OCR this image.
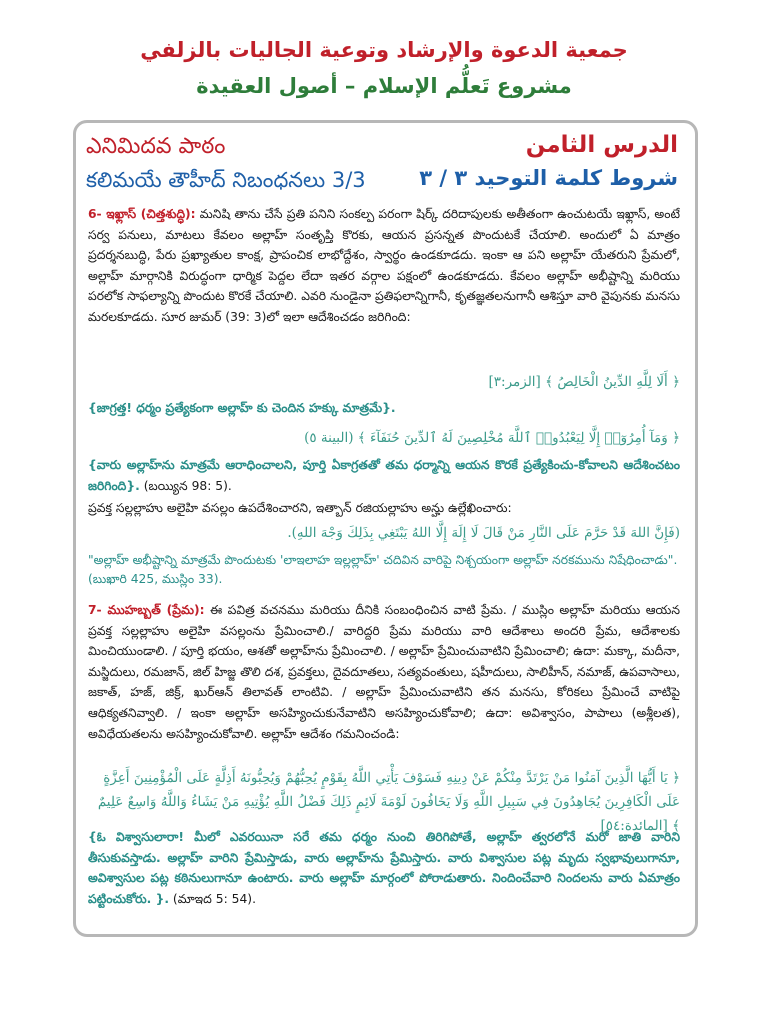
جمعية الدعوة والإرشاد وتوعية الجاليات بالزلفي
مشروع تَعلُّم الإسلام – أصول العقيدة
ఎనిమిదవ పాఠం	الدرس الثامن
కలిమయే తౌహీద్ నిబంధనలు 3/3	شروط كلمة التوحيد ٣ / ٣
6- ఇఖ్లాస్ (చిత్తశుద్ధి): మనిషి తాను చేసే ప్రతి పనిని సంకల్ప పరంగా షిర్క్ దరిదాపులకు అతీతంగా ఉంచుటయే ఇఖ్లాస్, అంటే సర్వ పనులు, మాటలు కేవలం అల్లాహ్ సంతృప్తి కొరకు, ఆయన ప్రసన్నత పొందుటకే చేయాలి. అందులో ఏ మాత్రం ప్రదర్శనబుద్ధి, పేరు ప్రఖ్యాతుల కాంక్ష, ప్రాపంచిక లాభోద్దేశం, స్వార్థం ఉండకూడదు. ఇంకా ఆ పని అల్లాహ్ యేతరుని ప్రేమలో, అల్లాహ్ మార్గానికి విరుద్ధంగా ధార్మిక పెద్దల లేదా ఇతర వర్గాల పక్షంలో ఉండకూడదు. కేవలం అల్లాహ్ అభీష్టాన్ని మరియు పరలోక సాఫల్యాన్ని పొందుట కొరకే చేయాలి. ఎవరి నుండైనా ప్రతిఫలాన్నిగానీ, కృతజ్ఞతలనుగానీ ఆశిస్తూ వారి వైపునకు మనసు మరలకూడదు. సూర జుమర్ (39: 3)లో ఇలా ఆదేశించడం జరిగింది:
﴿ أَلَا لِلَّهِ الدِّينُ الْخَالِصُ ﴾ [الزمر:٣]
{జాగ్రత్త! ధర్మం ప్రత్యేకంగా అల్లాహ్ కు చెందిన హక్కు మాత్రమే}.
﴿ وَمَآ أُمِرُوٓا۟ إِلَّا لِيَعْبُدُوا۟ ٱللَّهَ مُخْلِصِينَ لَهُ ٱلدِّينَ حُنَفَآءَ ﴾ (البينة ٥)
{వారు అల్లాహ్‌ను మాత్రమే ఆరాధించాలని, పూర్తి ఏకాగ్రతతో తమ ధర్మాన్ని ఆయన కొరకే ప్రత్యేకించు-కోవాలని ఆదేశించటం జరిగింది}. (బయ్యిన 98: 5).
ప్రవక్త సల్లల్లాహు అలైహి వసల్లం ఉపదేశించారని, ఇత్బాన్ రజియల్లాహు అన్హు ఉల్లేఖించారు:
(فَإِنَّ اللهَ قَدْ حَرَّمَ عَلَى النَّارِ مَنْ قَالَ لَا إِلَهَ إِلَّا اللهُ يَبْتَغِي بِذَلِكَ وَجْهَ اللهِ).
"అల్లాహ్ అభీష్టాన్ని మాత్రమే పొందుటకు 'లాఇలాహ ఇల్లల్లాహ్' చదివిన వారిపై నిశ్చయంగా అల్లాహ్ నరకమును నిషేధించాడు". (బుఖారి 425, ముస్లిం 33).
7- ముహబ్బత్ (ప్రేమ): ఈ పవిత్ర వచనము మరియు దీనికి సంబంధించిన వాటి ప్రేమ. / ముస్లిం అల్లాహ్ మరియు ఆయన ప్రవక్త సల్లల్లాహు అలైహి వసల్లంను ప్రేమించాలి./ వారిద్దరి ప్రేమ మరియు వారి ఆదేశాలు అందరి ప్రేమ, ఆదేశాలకు మించియుండాలి. / పూర్తి భయం, ఆశతో అల్లాహ్‌ను ప్రేమించాలి. / అల్లాహ్ ప్రేమించువాటిని ప్రేమించాలి; ఉదా: మక్కా, మదీనా, మస్జిదులు, రమజాన్, జిల్ హిజ్జ తొలి దశ, ప్రవక్తలు, దైవదూతలు, సత్యవంతులు, షహీదులు, సాలిహీన్, నమాజ్, ఉపవాసాలు, జకాత్, హజ్, జిక్ర్, ఖుర్ఆన్ తిలావత్ లాంటివి. / అల్లాహ్ ప్రేమించువాటిని తన మనసు, కోరికలు ప్రేమించే వాటిపై ఆధిక్యతనివ్వాలి. / ఇంకా అల్లాహ్ అసహ్యించుకునేవాటిని అసహ్యించుకోవాలి; ఉదా: అవిశ్వాసం, పాపాలు (అశ్లీలత), అవిధేయతలను అసహ్యించుకోవాలి. అల్లాహ్ ఆదేశం గమనించండి:
﴿ يَا أَيُّهَا الَّذِينَ آمَنُوا مَنْ يَرْتَدَّ مِنْكُمْ عَنْ دِينِهِ فَسَوْفَ يَأْتِي اللَّهُ بِقَوْمٍ يُحِبُّهُمْ وَيُحِبُّونَهُ أَذِلَّةٍ عَلَى الْمُؤْمِنِينَ أَعِزَّةٍ عَلَى الْكَافِرِينَ يُجَاهِدُونَ فِي سَبِيلِ اللَّهِ وَلَا يَخَافُونَ لَوْمَةَ لَائِمٍ ذَلِكَ فَضْلُ اللَّهِ يُؤْتِيهِ مَنْ يَشَاءُ وَاللَّهُ وَاسِعٌ عَلِيمٌ ﴾ [المائدة:٥٤]
{ఓ విశ్వాసులారా! మీలో ఎవరయినా సరే తమ ధర్మం నుంచి తిరిగిపోతే, అల్లాహ్ త్వరలోనే మరో జాతి వారిని తీసుకువస్తాడు. అల్లాహ్ వారిని ప్రేమిస్తాడు, వారు అల్లాహ్‌ను ప్రేమిస్తారు. వారు విశ్వాసుల పట్ల మృదు స్వభావులుగానూ, అవిశ్వాసుల పట్ల కఠినులుగానూ ఉంటారు. వారు అల్లాహ్ మార్గంలో పోరాడుతారు. నిందించేవారి నిందలను వారు ఏమాత్రం పట్టించుకోరు. }. (మాఇద 5: 54).
